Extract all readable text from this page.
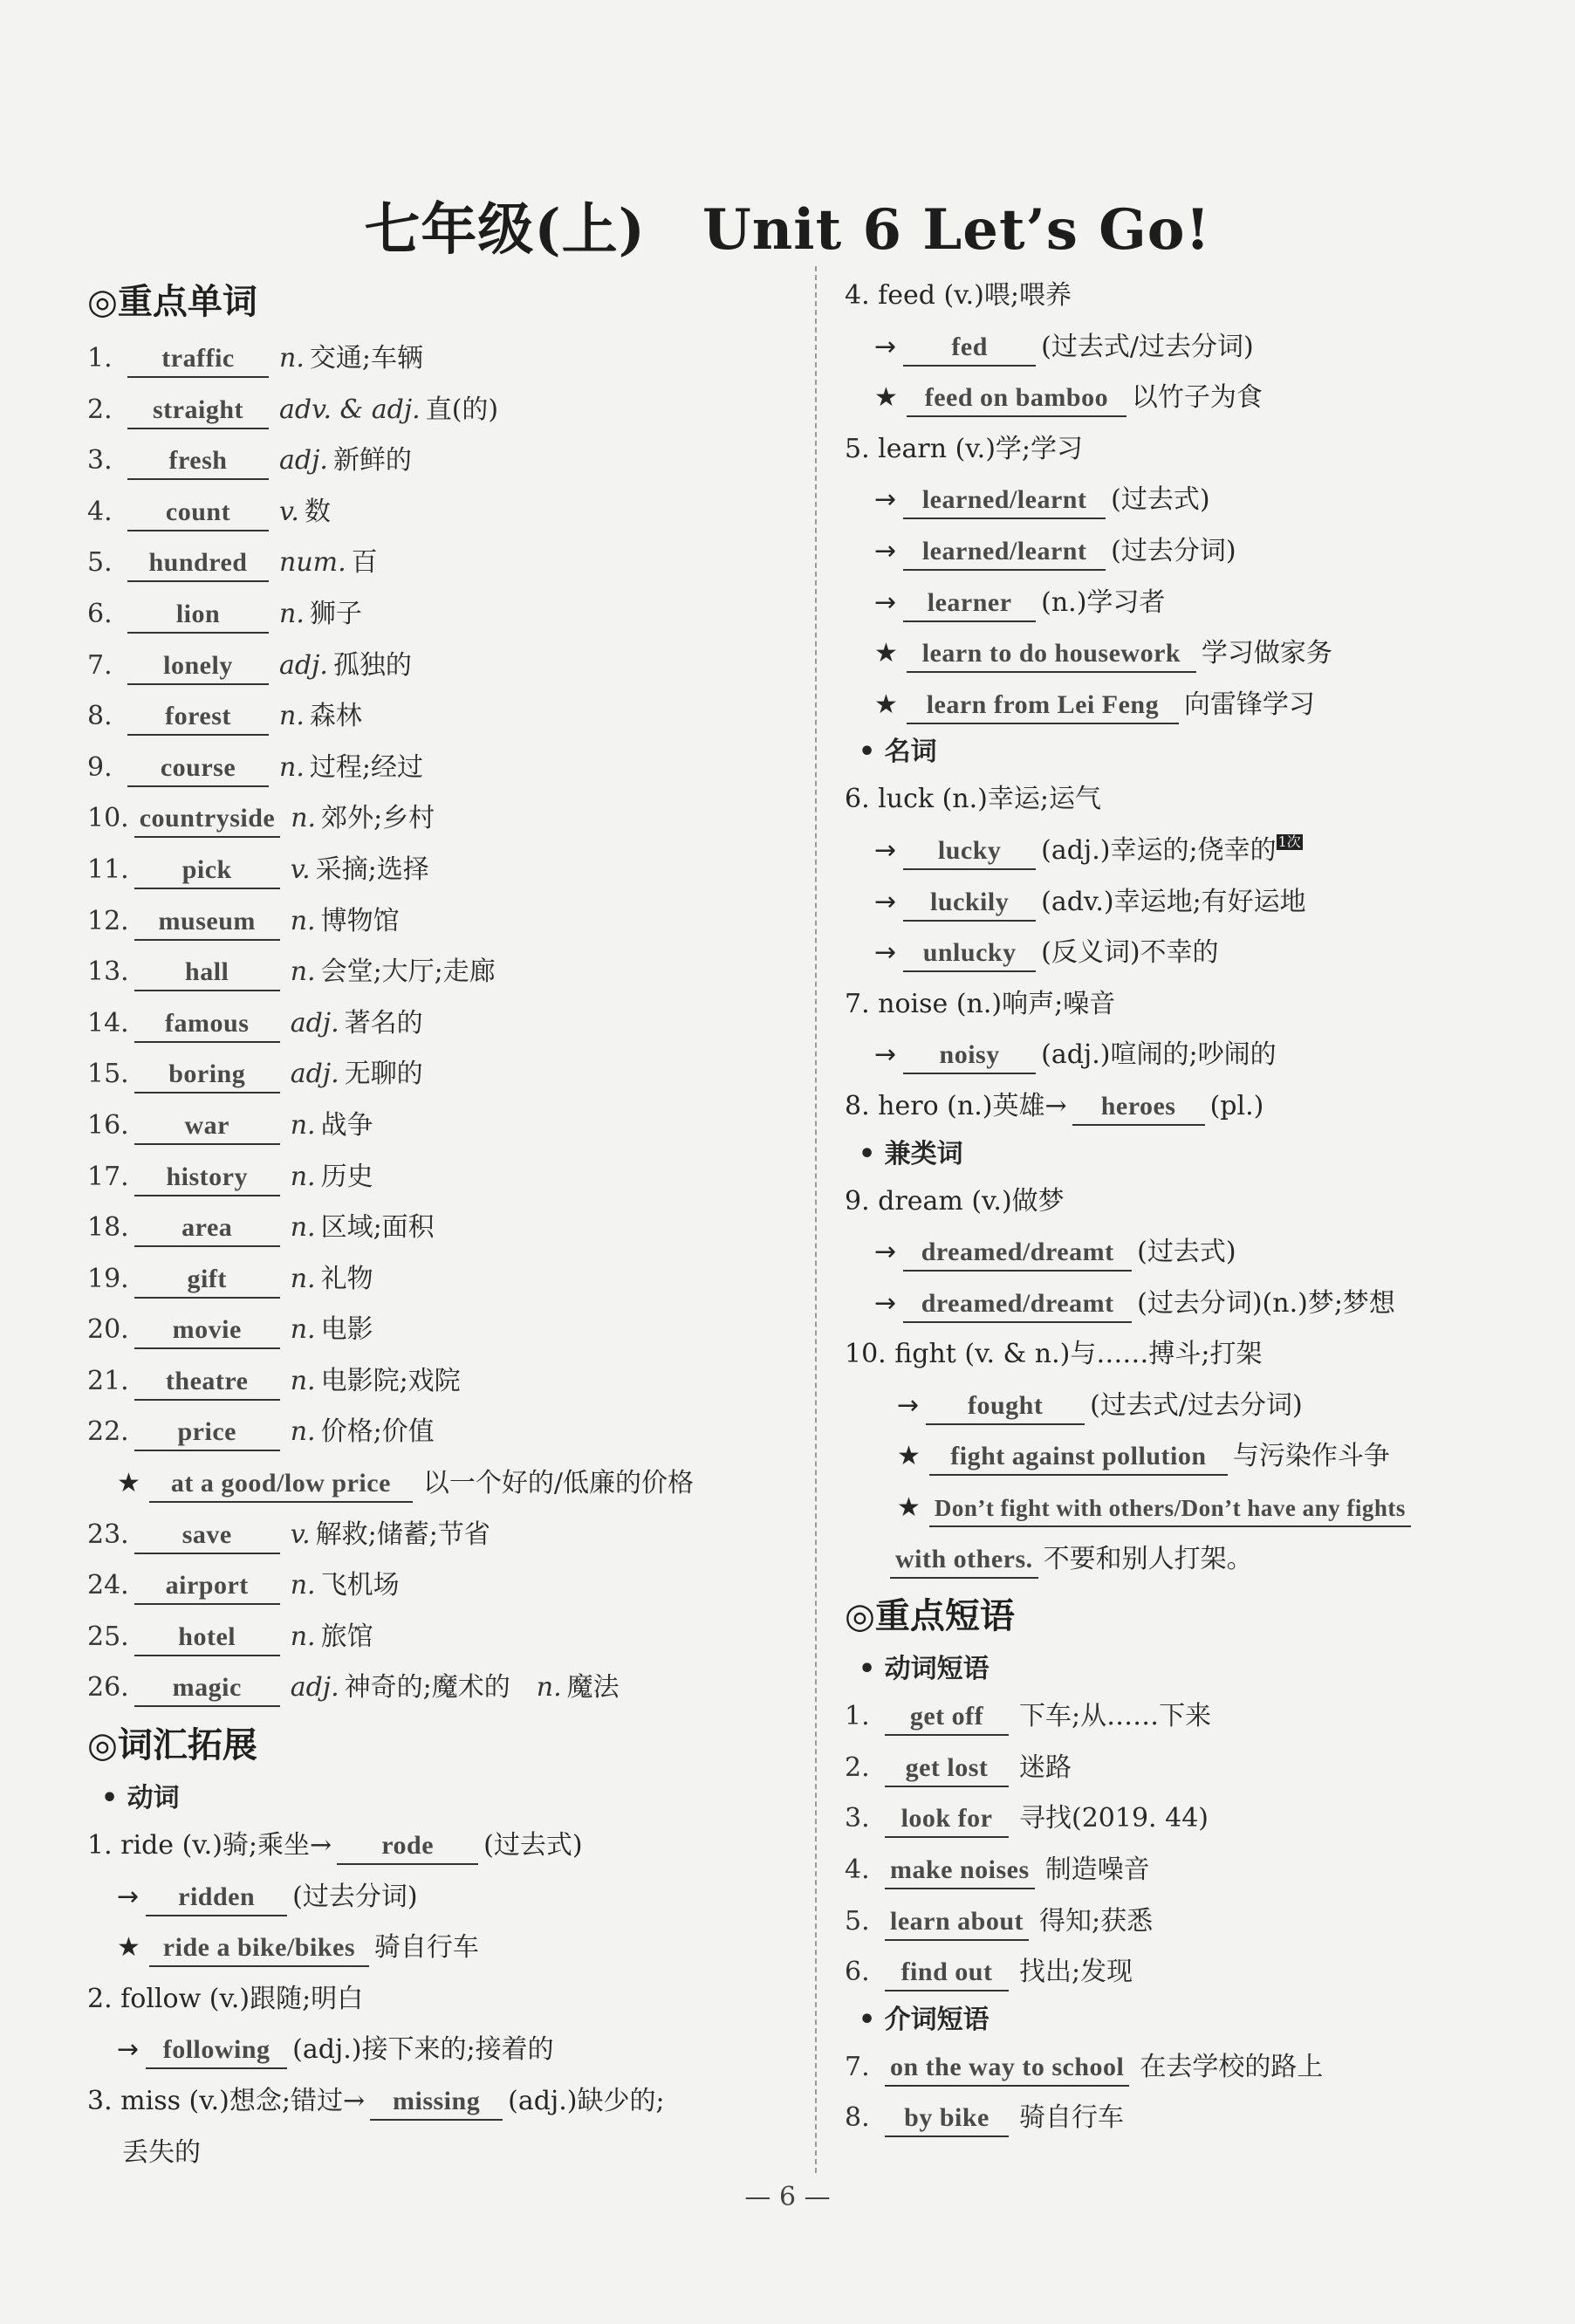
七年级(上)　Unit 6 Let’s Go!
◎重点单词
1. traffic n. 交通;车辆
2. straight adv. & adj. 直(的)
3. fresh adj. 新鲜的
4. count v. 数
5. hundred num. 百
6. lion n. 狮子
7. lonely adj. 孤独的
8. forest n. 森林
9. course n. 过程;经过
10. countryside n. 郊外;乡村
11. pick v. 采摘;选择
12. museum n. 博物馆
13. hall n. 会堂;大厅;走廊
14. famous adj. 著名的
15. boring adj. 无聊的
16. war n. 战争
17. history n. 历史
18. area n. 区域;面积
19. gift n. 礼物
20. movie n. 电影
21. theatre n. 电影院;戏院
22. price n. 价格;价值
★ at a good/low price 以一个好的/低廉的价格
23. save v. 解救;储蓄;节省
24. airport n. 飞机场
25. hotel n. 旅馆
26. magic adj. 神奇的;魔术的 n. 魔法
◎词汇拓展
• 动词
1. ride (v.)骑;乘坐→ rode (过去式)
→ ridden (过去分词)
★ ride a bike/bikes 骑自行车
2. follow (v.)跟随;明白
→ following (adj.)接下来的;接着的
3. miss (v.)想念;错过→ missing (adj.)缺少的;
丢失的
4. feed (v.)喂;喂养
→ fed (过去式/过去分词)
★ feed on bamboo 以竹子为食
5. learn (v.)学;学习
→ learned/learnt (过去式)
→ learned/learnt (过去分词)
→ learner (n.)学习者
★ learn to do housework 学习做家务
★ learn from Lei Feng 向雷锋学习
• 名词
6. luck (n.)幸运;运气
→ lucky (adj.)幸运的;侥幸的 1次
→ luckily (adv.)幸运地;有好运地
→ unlucky (反义词)不幸的
7. noise (n.)响声;噪音
→ noisy (adj.)喧闹的;吵闹的
8. hero (n.)英雄→ heroes (pl.)
• 兼类词
9. dream (v.)做梦
→ dreamed/dreamt (过去式)
→ dreamed/dreamt (过去分词)(n.)梦;梦想
10. fight (v. & n.)与……搏斗;打架
→ fought (过去式/过去分词)
★ fight against pollution 与污染作斗争
★ Don’t fight with others/Don’t have any fights
with others. 不要和别人打架。
◎重点短语
• 动词短语
1. get off 下车;从……下来
2. get lost 迷路
3. look for 寻找(2019. 44)
4. make noises 制造噪音
5. learn about 得知;获悉
6. find out 找出;发现
• 介词短语
7. on the way to school 在去学校的路上
8. by bike 骑自行车
— 6 —
